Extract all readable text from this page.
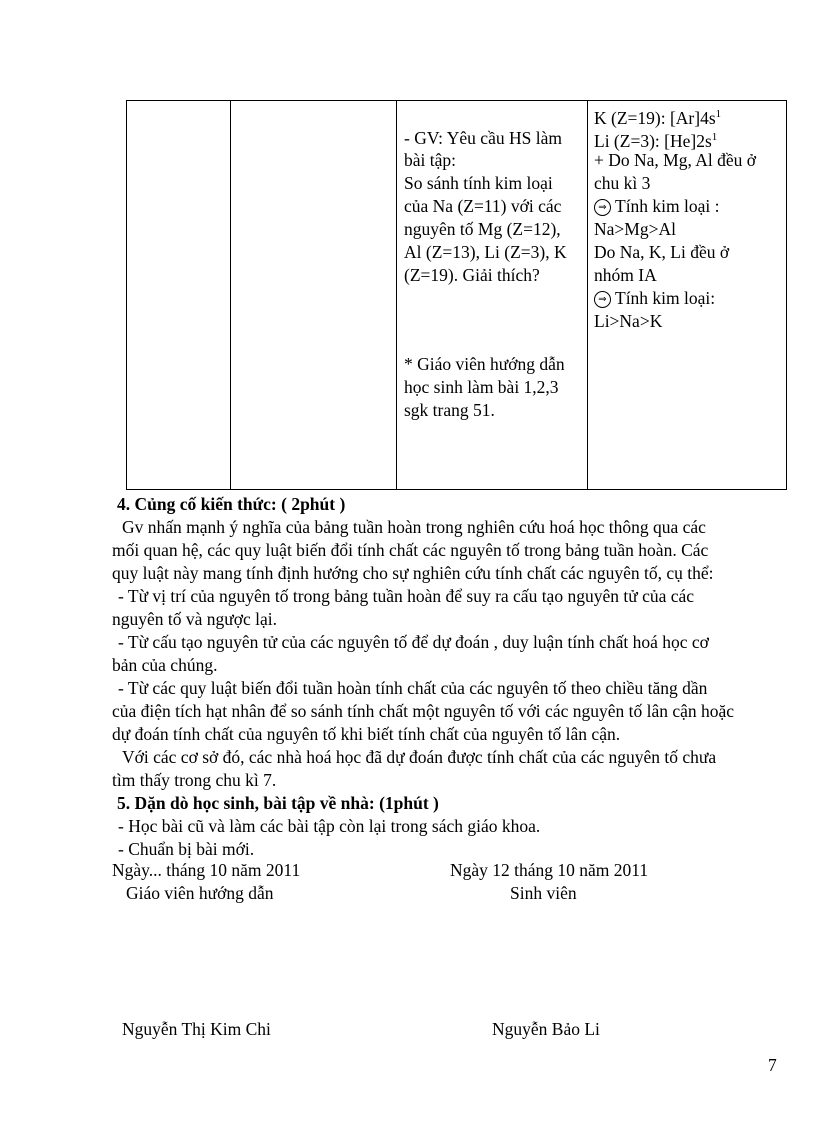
- GV: Yêu cầu HS làm
bài tập:
So sánh tính kim loại
của Na (Z=11) với các
nguyên tố Mg (Z=12),
Al (Z=13), Li (Z=3), K
(Z=19). Giải thích?
* Giáo viên hướng dẫn
học sinh làm bài 1,2,3
sgk trang 51.
K (Z=19): $[Ar]4s^1$
Li (Z=3): $[He]2s^1$
+ Do Na, Mg, Al đều ở
chu kì 3
⇒ Tính kim loại :
Na>Mg>Al
Do Na, K, Li đều ở
nhóm IA
⇒ Tính kim loại:
Li>Na>K
4. Củng cố kiến thức: ( 2phút )
Gv nhấn mạnh ý nghĩa của bảng tuần hoàn trong nghiên cứu hoá học thông qua các
mối quan hệ, các quy luật biến đổi tính chất các nguyên tố trong bảng tuần hoàn. Các
quy luật này mang tính định hướng cho sự nghiên cứu tính chất các nguyên tố, cụ thể:
- Từ vị trí của nguyên tố trong bảng tuần hoàn để suy ra cấu tạo nguyên tử của các
nguyên tố và ngược lại.
- Từ cấu tạo nguyên tử của các nguyên tố để dự đoán , duy luận tính chất hoá học cơ
bản của chúng.
- Từ các quy luật biến đổi tuần hoàn tính chất của các nguyên tố theo chiều tăng dần
của điện tích hạt nhân để so sánh tính chất một nguyên tố với các nguyên tố lân cận hoặc
dự đoán tính chất của nguyên tố khi biết tính chất của nguyên tố lân cận.
Với các cơ sở đó, các nhà hoá học đã dự đoán được tính chất của các nguyên tố chưa
tìm thấy trong chu kì 7.
5. Dặn dò học sinh, bài tập về nhà: (1phút )
- Học bài cũ và làm các bài tập còn lại trong sách giáo khoa.
- Chuẩn bị bài mới.
Ngày... tháng 10 năm 2011
Giáo viên hướng dẫn
Nguyễn Thị Kim Chi
Ngày 12 tháng 10 năm 2011
Sinh viên
Nguyễn Bảo Li
7
